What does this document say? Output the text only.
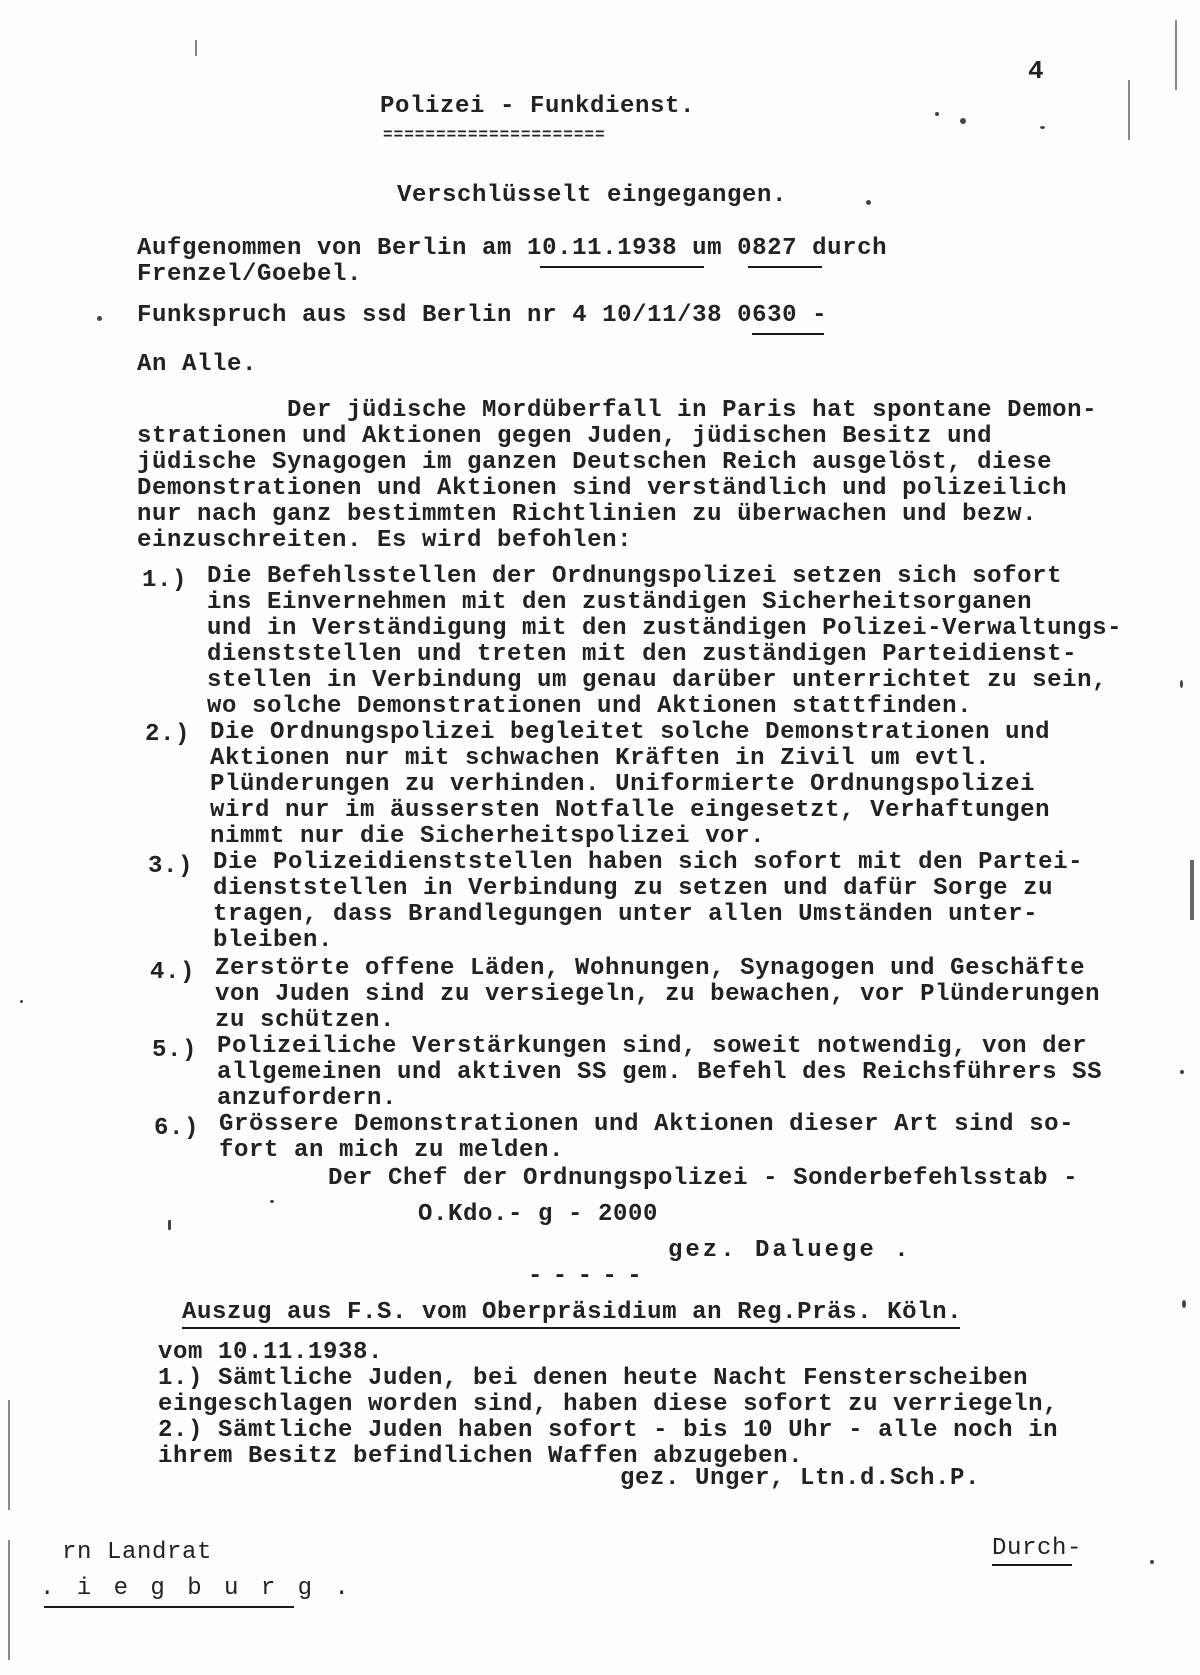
4
Polizei - Funkdienst.
=====================
Verschlüsselt eingegangen.
Aufgenommen von Berlin am 10.11.1938 um 0827 durch
Frenzel/Goebel.
Funkspruch aus ssd Berlin nr 4 10/11/38 0630 -
An Alle.
Der jüdische Mordüberfall in Paris hat spontane Demon-
strationen und Aktionen gegen Juden, jüdischen Besitz und
jüdische Synagogen im ganzen Deutschen Reich ausgelöst, diese
Demonstrationen und Aktionen sind verständlich und polizeilich
nur nach ganz bestimmten Richtlinien zu überwachen und bezw.
einzuschreiten. Es wird befohlen:
1.) Die Befehlsstellen der Ordnungspolizei setzen sich sofort
ins Einvernehmen mit den zuständigen Sicherheitsorganen
und in Verständigung mit den zuständigen Polizei-Verwaltungs-
dienststellen und treten mit den zuständigen Parteidienst-
stellen in Verbindung um genau darüber unterrichtet zu sein,
wo solche Demonstrationen und Aktionen stattfinden.
2.) Die Ordnungspolizei begleitet solche Demonstrationen und
Aktionen nur mit schwachen Kräften in Zivil um evtl.
Plünderungen zu verhinden. Uniformierte Ordnungspolizei
wird nur im äussersten Notfalle eingesetzt, Verhaftungen
nimmt nur die Sicherheitspolizei vor.
3.) Die Polizeidienststellen haben sich sofort mit den Partei-
dienststellen in Verbindung zu setzen und dafür Sorge zu
tragen, dass Brandlegungen unter allen Umständen unter-
bleiben.
4.) Zerstörte offene Läden, Wohnungen, Synagogen und Geschäfte
von Juden sind zu versiegeln, zu bewachen, vor Plünderungen
zu schützen.
5.) Polizeiliche Verstärkungen sind, soweit notwendig, von der
allgemeinen und aktiven SS gem. Befehl des Reichsführers SS
anzufordern.
6.) Grössere Demonstrationen und Aktionen dieser Art sind so-
fort an mich zu melden.
Der Chef der Ordnungspolizei - Sonderbefehlsstab -
O.Kdo.- g - 2000
gez. Daluege .
- - - - -
Auszug aus F.S. vom Oberpräsidium an Reg.Präs. Köln.
vom 10.11.1938.
1.) Sämtliche Juden, bei denen heute Nacht Fensterscheiben
eingeschlagen worden sind, haben diese sofort zu verriegeln,
2.) Sämtliche Juden haben sofort - bis 10 Uhr - alle noch in
ihrem Besitz befindlichen Waffen abzugeben.
gez. Unger, Ltn.d.Sch.P.
rn Landrat	Durch-
. i e g b u r g .
